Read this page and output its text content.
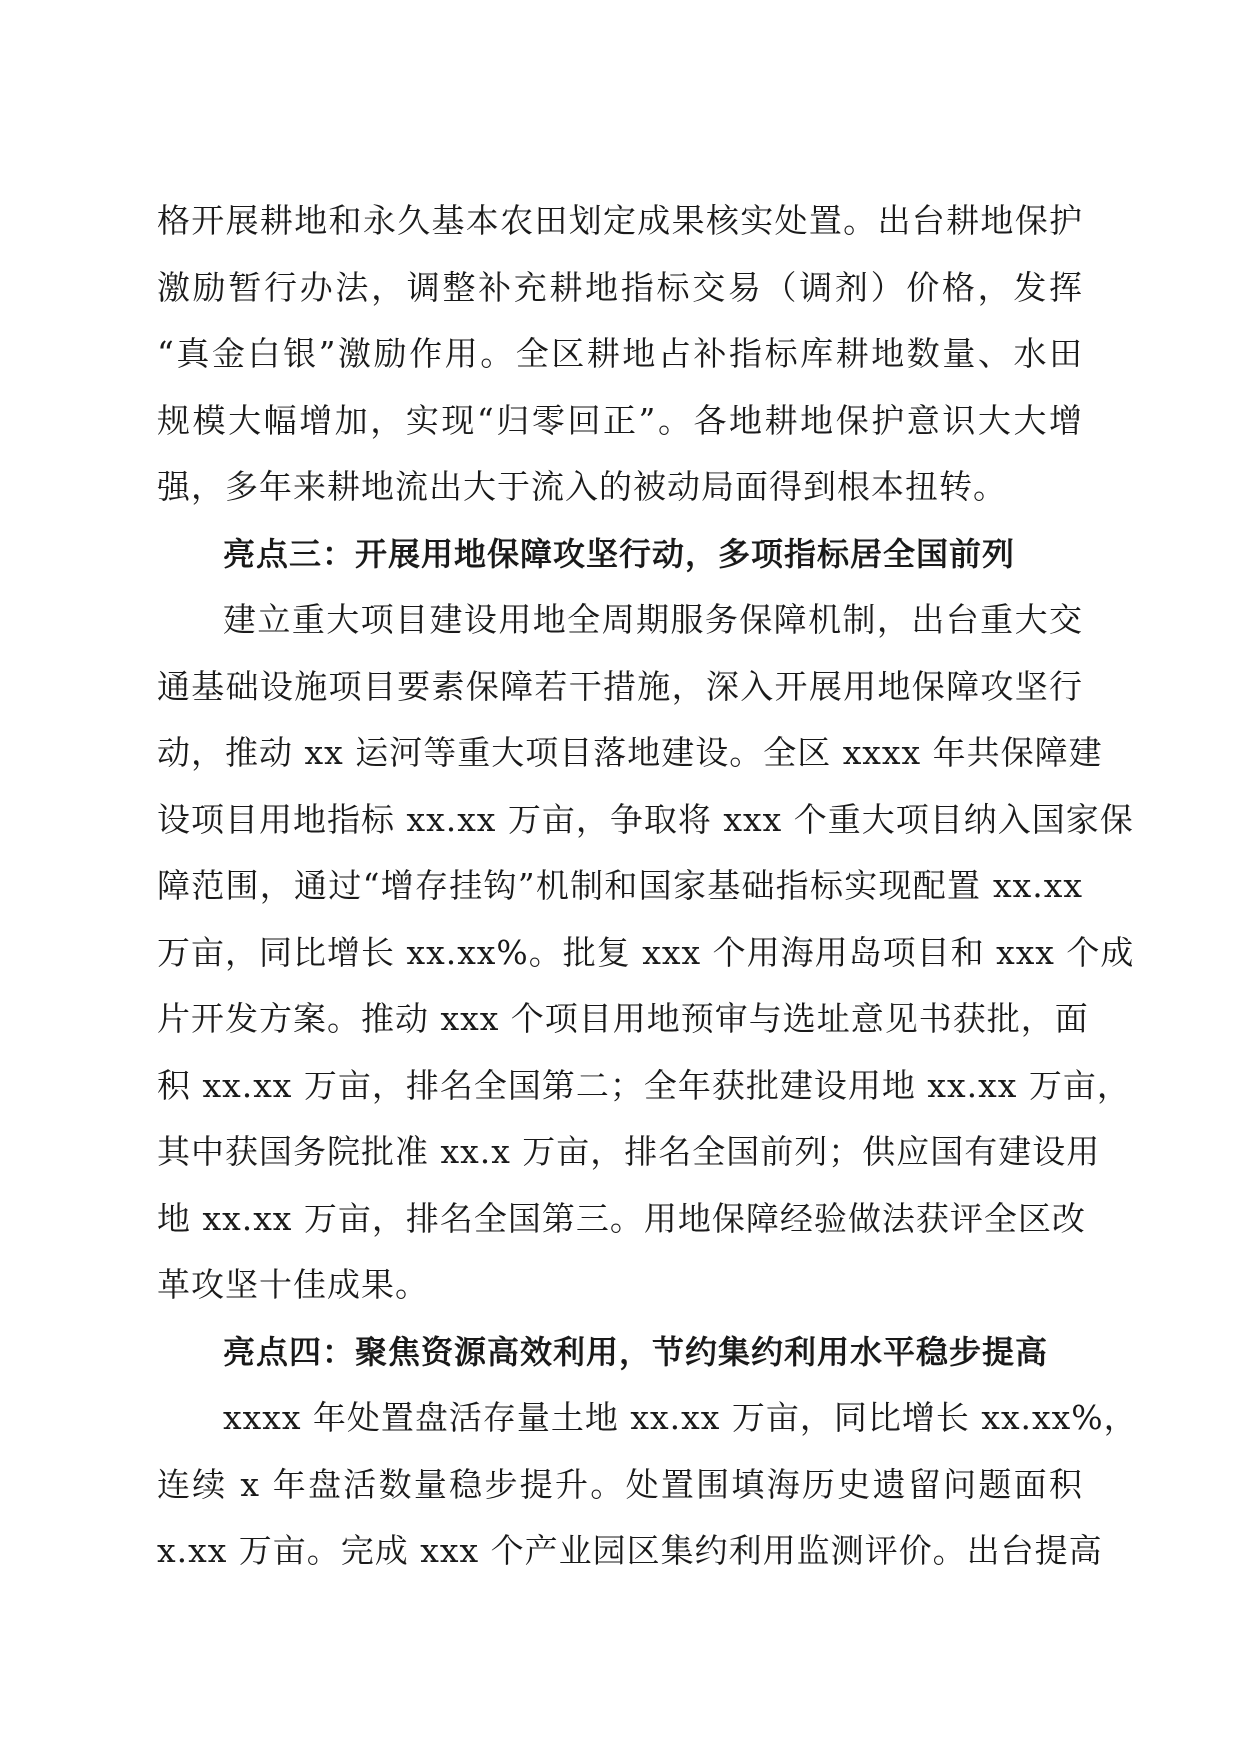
格开展耕地和永久基本农田划定成果核实处置。出台耕地保护
激励暂行办法，调整补充耕地指标交易（调剂）价格，发挥
“真金白银”激励作用。全区耕地占补指标库耕地数量、水田
规模大幅增加，实现“归零回正”。各地耕地保护意识大大增
强，多年来耕地流出大于流入的被动局面得到根本扭转。
亮点三：开展用地保障攻坚行动，多项指标居全国前列
建立重大项目建设用地全周期服务保障机制，出台重大交
通基础设施项目要素保障若干措施，深入开展用地保障攻坚行
动，推动 xx 运河等重大项目落地建设。全区 xxxx 年共保障建
设项目用地指标 xx.xx 万亩，争取将 xxx 个重大项目纳入国家保
障范围，通过“增存挂钩”机制和国家基础指标实现配置 xx.xx
万亩，同比增长 xx.xx%。批复 xxx 个用海用岛项目和 xxx 个成
片开发方案。推动 xxx 个项目用地预审与选址意见书获批，面
积 xx.xx 万亩，排名全国第二；全年获批建设用地 xx.xx 万亩，
其中获国务院批准 xx.x 万亩，排名全国前列；供应国有建设用
地 xx.xx 万亩，排名全国第三。用地保障经验做法获评全区改
革攻坚十佳成果。
亮点四：聚焦资源高效利用，节约集约利用水平稳步提高
xxxx 年处置盘活存量土地 xx.xx 万亩，同比增长 xx.xx%，
连续 x 年盘活数量稳步提升。处置围填海历史遗留问题面积
x.xx 万亩。完成 xxx 个产业园区集约利用监测评价。出台提高
